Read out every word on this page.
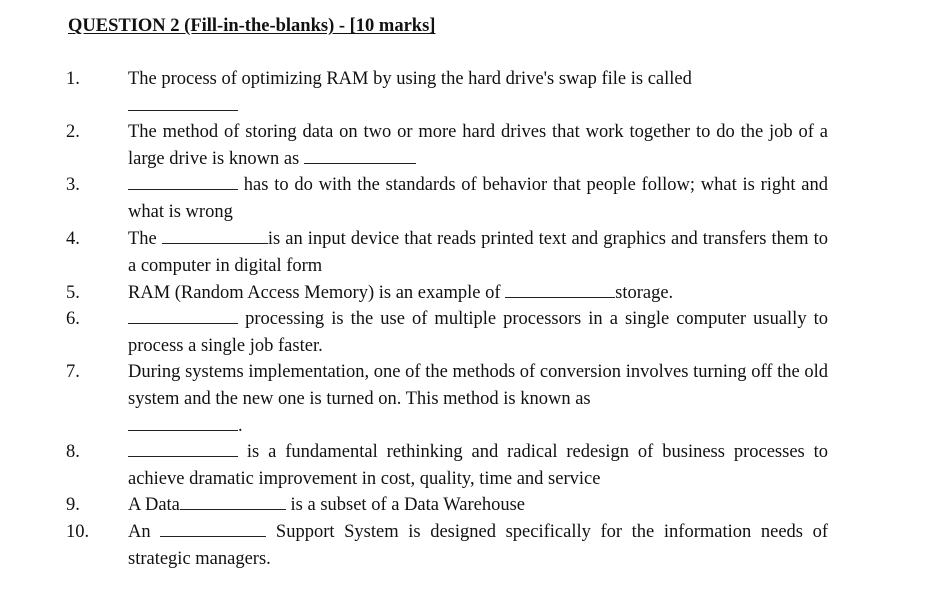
QUESTION 2 (Fill-in-the-blanks) - [10 marks]
1.	The process of optimizing RAM by using the hard drive's swap file is called

2.	The method of storing data on two or more hard drives that work together to do the job of a large drive is known as
3.	has to do with the standards of behavior that people follow; what is right and what is wrong
4.	The	is an input device that reads printed text and graphics and transfers them to a computer in digital form
5.	RAM (Random Access Memory) is an example of	storage.
6.	processing is the use of multiple processors in a single computer usually to process a single job faster.
7.	During systems implementation, one of the methods of conversion involves turning off the old system and the new one is turned on. This method is known as
.
8.	is a fundamental rethinking and radical redesign of business processes to achieve dramatic improvement in cost, quality, time and service
9.	A Data	is a subset of a Data Warehouse
10. An	Support System is designed specifically for the information needs of strategic managers.
